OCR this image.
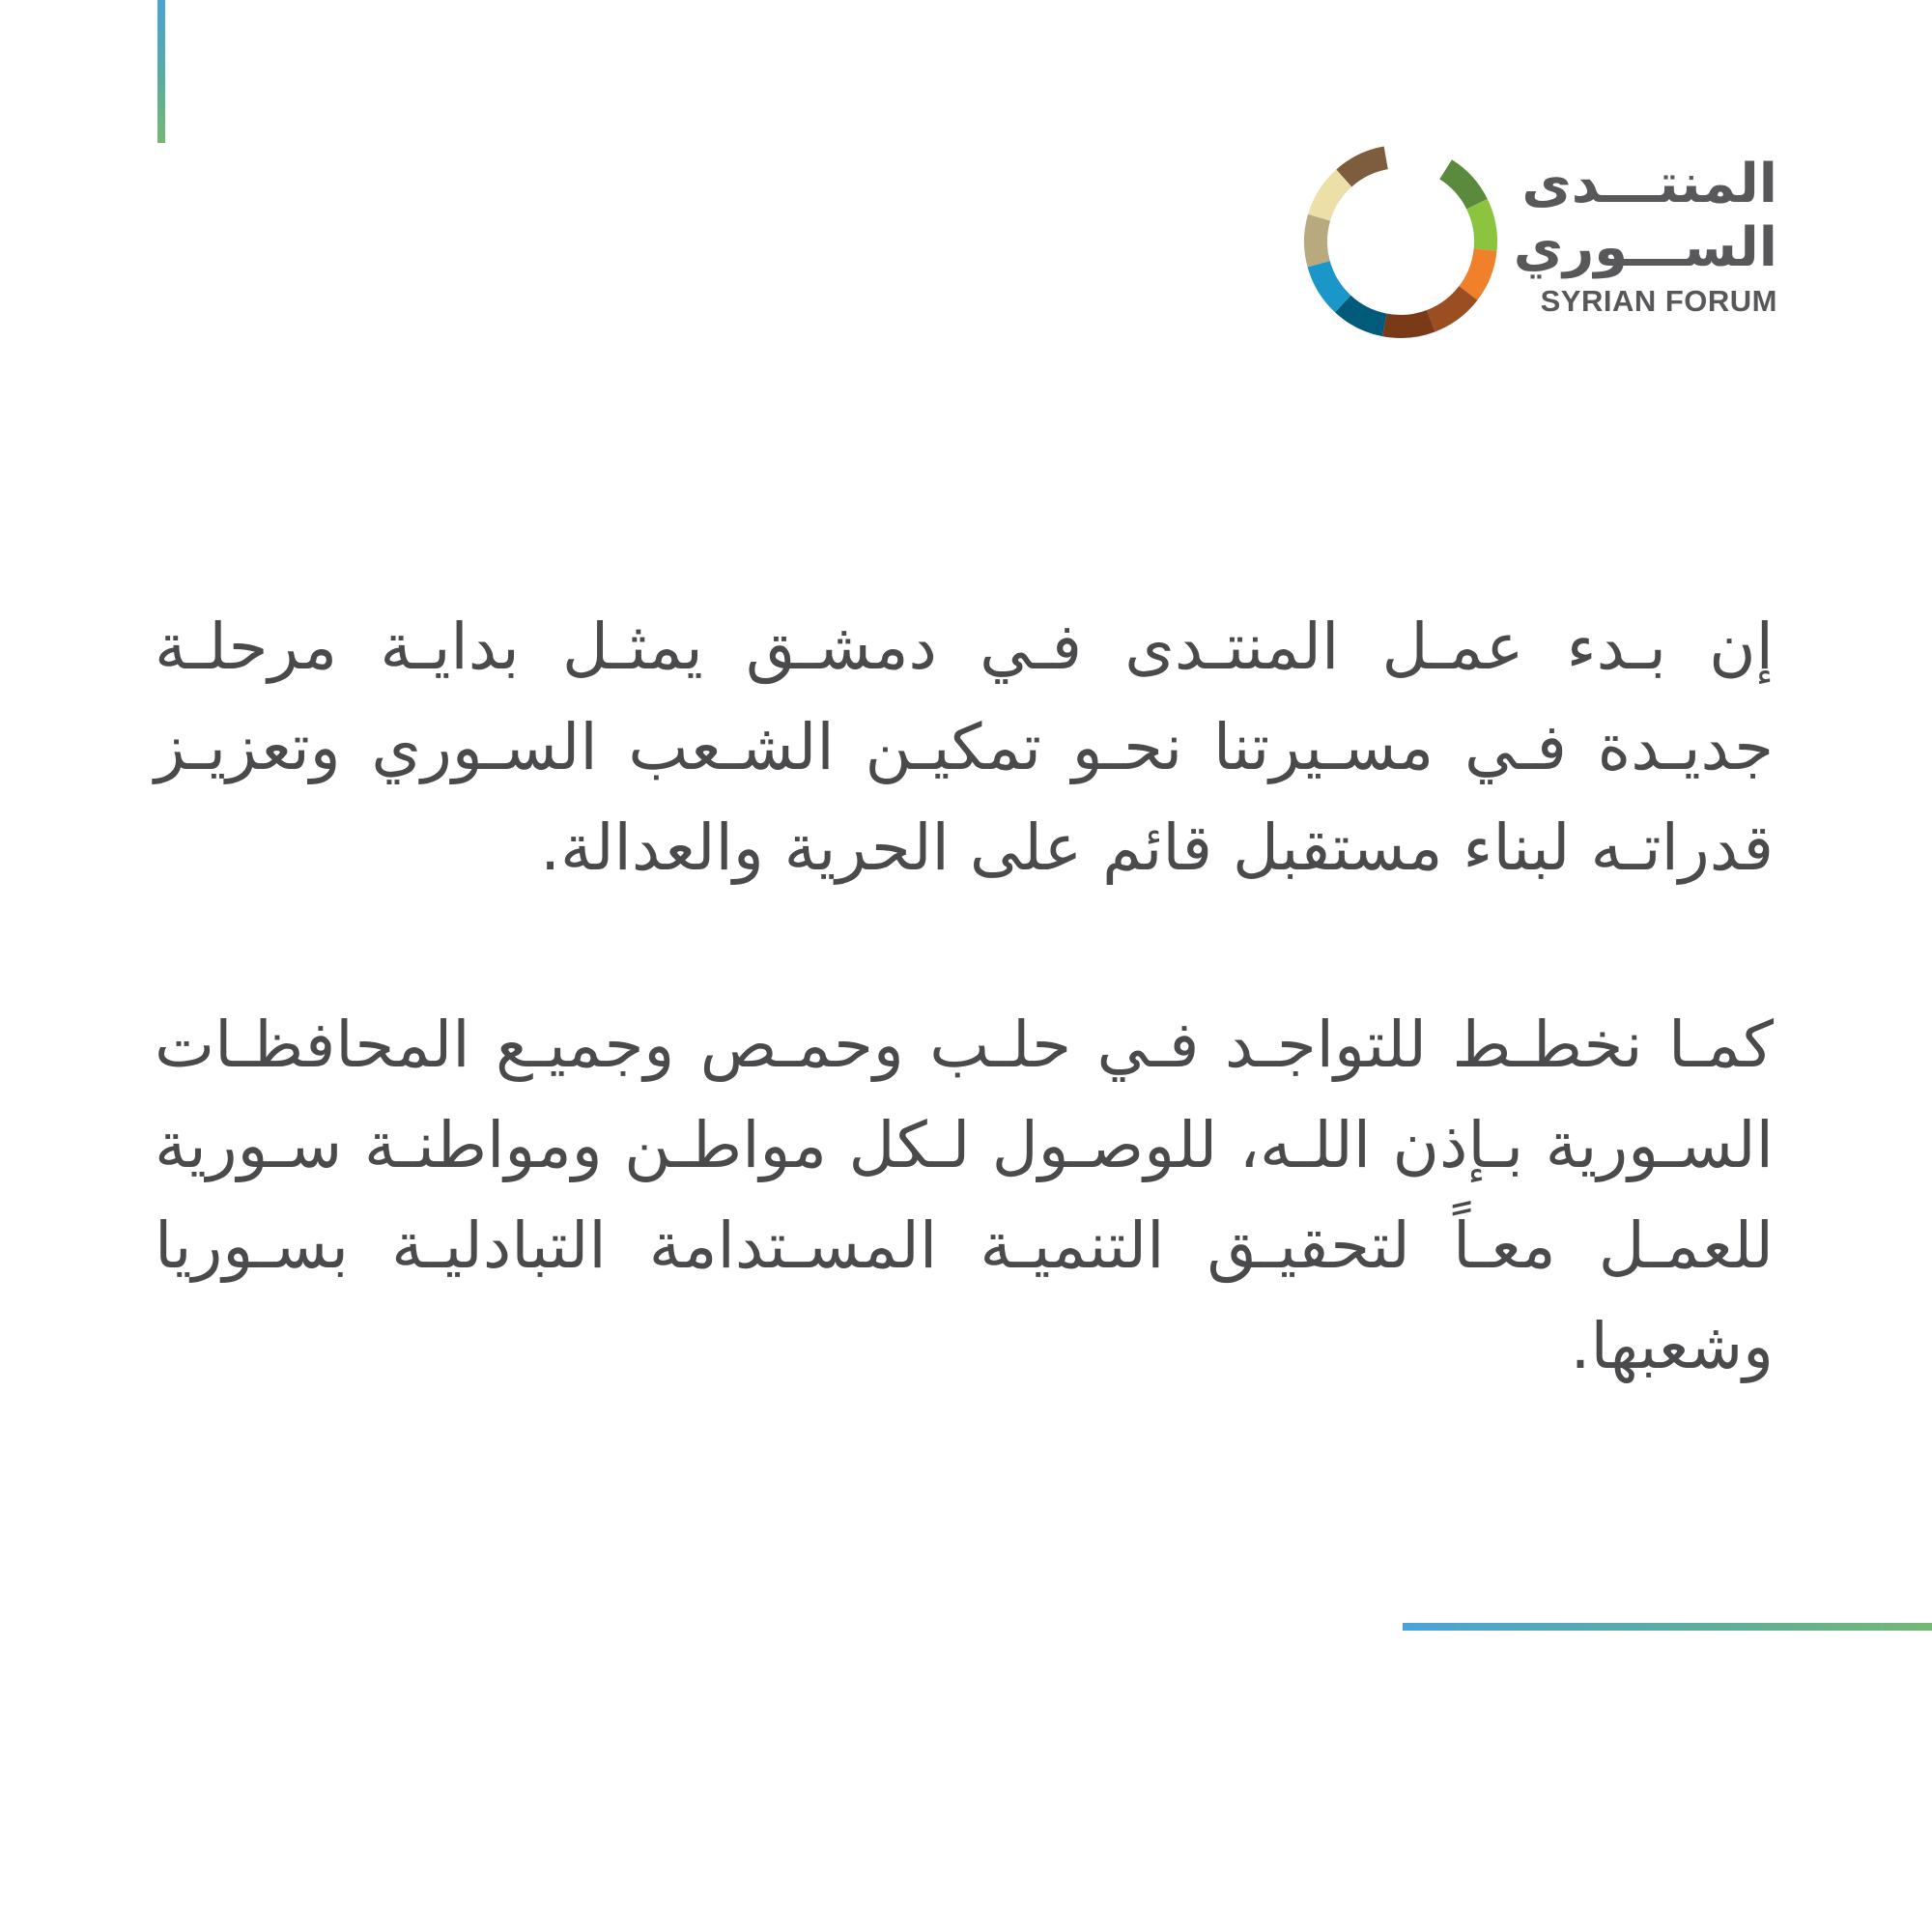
المنتـــدى
الســـوري
SYRIAN FORUM

إن بـدء عمـل المنتـدى فـي دمشـق يمثـل بدايـة مرحلـة جديـدة فـي مسـيرتنا نحـو تمكيـن الشـعب السـوري وتعزيـز قدراتـه لبناء مستقبل قائم على الحرية والعدالة.

كمـا نخطـط للتواجـد فـي حلـب وحمـص وجميـع المحافظـات السـورية بـإذن اللـه، للوصـول لـكل مواطـن ومواطنـة سـورية للعمـل معـاً لتحقيـق التنميـة المسـتدامة التبادليـة بسـوريا وشعبها.
